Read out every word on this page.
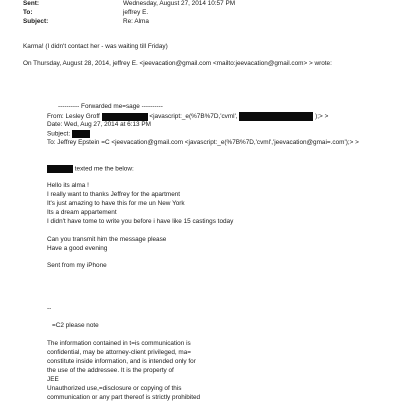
Sent:	Wednesday, August 27, 2014 10:57 PM
To:	jeffrey E.
Subject:	Re: Alma
Karma! (I didn't contact her - was waiting till Friday)
On Thursday, August 28, 2014, jeffrey E. <jeevacation@gmail.com <mailto:jeevacation@gmail.com> > wrote:
---------- Forwarded me=sage ----------
From: Lesley Groff	<javascript:_e(%7B%7D,'cvml',	);> >
Date: Wed, Aug 27, 2014 at 6:13 PM
Subject:
To: Jeffrey Epstein =C <jeevacation@gmail.com <javascript:_e(%7B%7D,'cvml','jeevacation@gmai=.com');> >
texted me the below:
Hello its alma !
I really want to thanks Jeffrey for the apartment
It's just amazing to have this for me un New York
Its a dream appartement
I didn't have tome to write you before i have like 15 castings today
Can you transmit him the message please
Have a good evening
Sent from my iPhone
--
=C2 please note
The information contained in t=is communication is
confidential, may be attorney-client privileged, ma=
constitute inside information, and is intended only for
the use of the addressee. It is the property of
JEE
Unauthorized use,=disclosure or copying of this
communication or any part thereof is strictly prohibited
